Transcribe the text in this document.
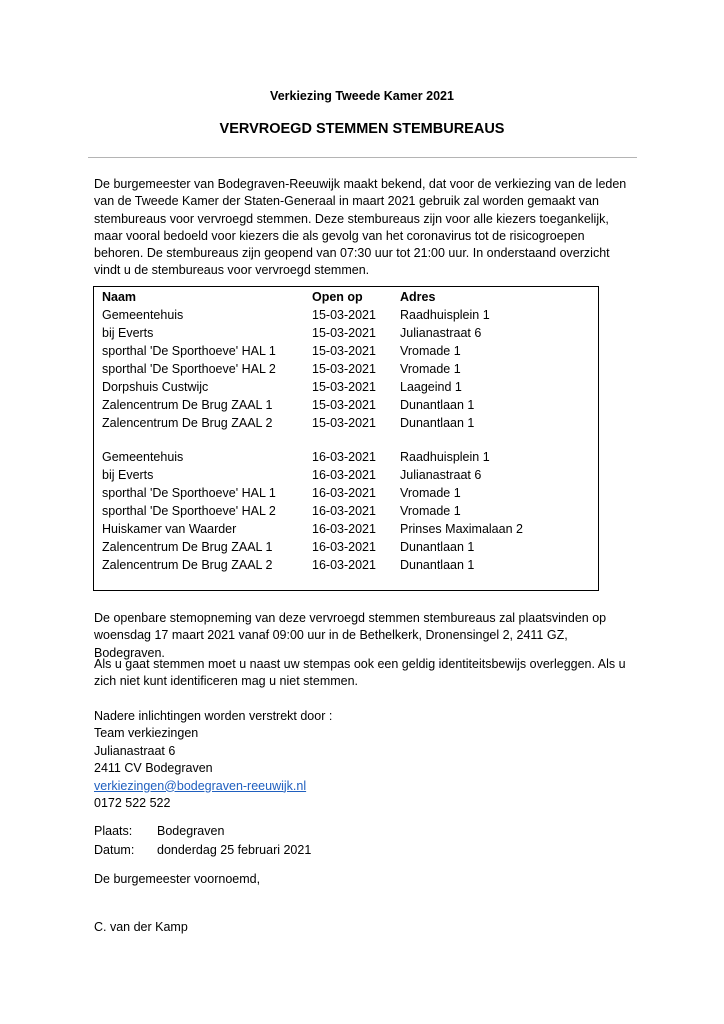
Verkiezing Tweede Kamer 2021
VERVROEGD STEMMEN STEMBUREAUS

De burgemeester van Bodegraven-Reeuwijk maakt bekend, dat voor de verkiezing van de leden van de Tweede Kamer der Staten-Generaal in maart 2021 gebruik zal worden gemaakt van stembureaus voor vervroegd stemmen. Deze stembureaus zijn voor alle kiezers toegankelijk, maar vooral bedoeld voor kiezers die als gevolg van het coronavirus tot de risicogroepen behoren. De stembureaus zijn geopend van 07:30 uur tot 21:00 uur. In onderstaand overzicht vindt u de stembureaus voor vervroegd stemmen.

Naam	Open op	Adres
Gemeentehuis	15-03-2021 Raadhuisplein 1
bij Everts	15-03-2021 Julianastraat 6
sporthal 'De Sporthoeve' HAL 1	15-03-2021 Vromade 1
sporthal 'De Sporthoeve' HAL 2	15-03-2021 Vromade 1
Dorpshuis Custwijc	15-03-2021 Laageind 1
Zalencentrum De Brug ZAAL 1	15-03-2021 Dunantlaan 1
Zalencentrum De Brug ZAAL 2	15-03-2021 Dunantlaan 1
Gemeentehuis	16-03-2021 Raadhuisplein 1
bij Everts	16-03-2021 Julianastraat 6
sporthal 'De Sporthoeve' HAL 1	16-03-2021 Vromade 1
sporthal 'De Sporthoeve' HAL 2	16-03-2021 Vromade 1
Huiskamer van Waarder	16-03-2021 Prinses Maximalaan 2
Zalencentrum De Brug ZAAL 1	16-03-2021 Dunantlaan 1
Zalencentrum De Brug ZAAL 2	16-03-2021 Dunantlaan 1

De openbare stemopneming van deze vervroegd stemmen stembureaus zal plaatsvinden op woensdag 17 maart 2021 vanaf 09:00 uur in de Bethelkerk, Dronensingel 2, 2411 GZ, Bodegraven.

Als u gaat stemmen moet u naast uw stempas ook een geldig identiteitsbewijs overleggen. Als u zich niet kunt identificeren mag u niet stemmen.

Nadere inlichtingen worden verstrekt door :
Team verkiezingen
Julianastraat 6
2411 CV Bodegraven
verkiezingen@bodegraven-reeuwijk.nl
0172 522 522
Plaats: Bodegraven
Datum: donderdag 25 februari 2021
De burgemeester voornoemd,
C. van der Kamp
